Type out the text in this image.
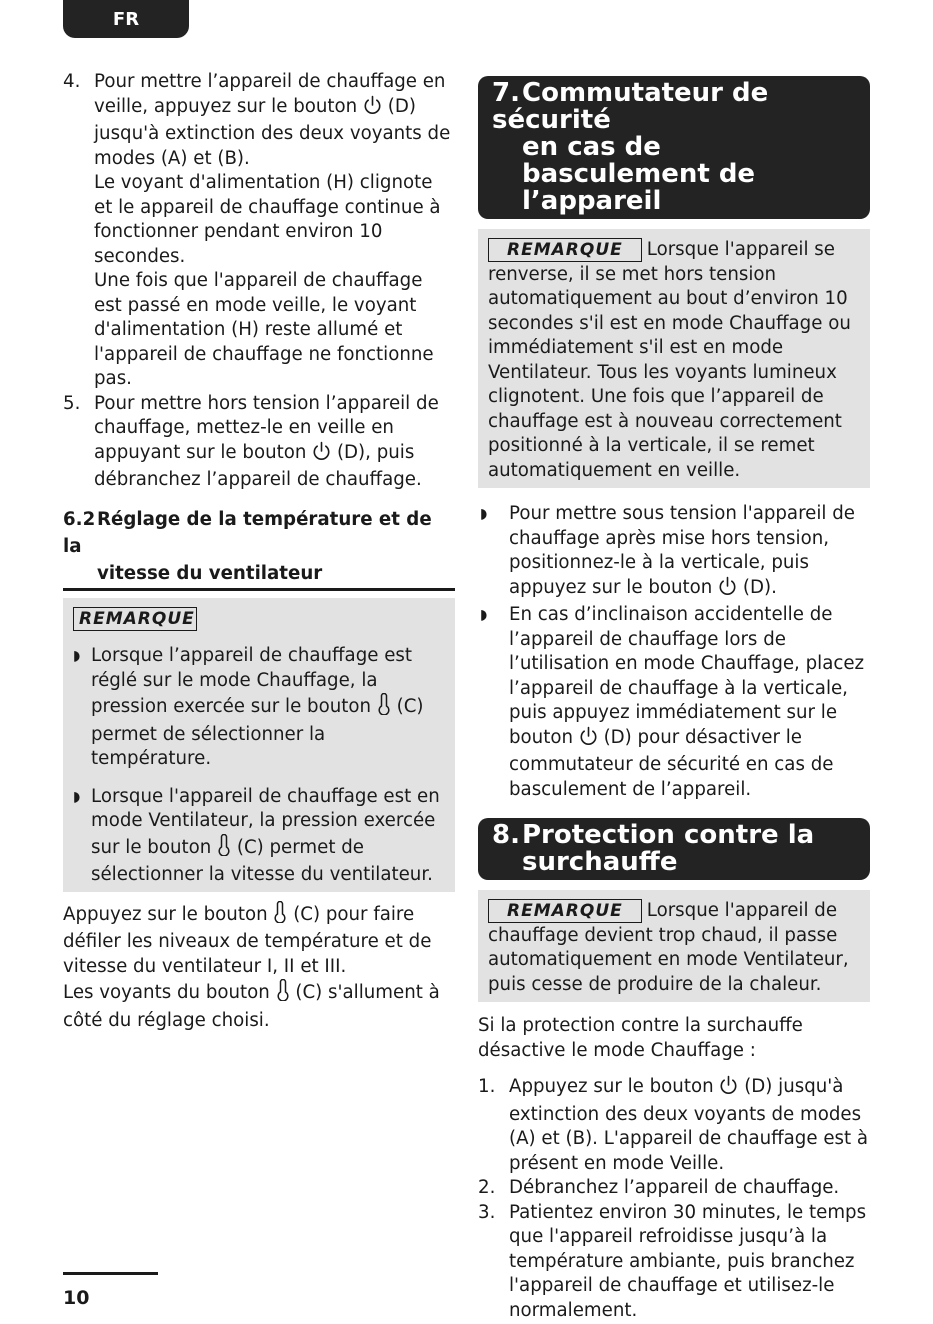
FR
4. Pour mettre l’appareil de chauffage en veille, appuyez sur le bouton  (D) jusqu'à extinction des deux voyants de modes (A) et (B).

Le voyant d'alimentation (H) clignote et le appareil de chauffage continue à fonctionner pendant environ 10 secondes.

Une fois que l'appareil de chauffage est passé en mode veille, le voyant d'alimentation (H) reste allumé et l'appareil de chauffage ne fonctionne pas.

5. Pour mettre hors tension l’appareil de chauffage, mettez-le en veille en appuyant sur le bouton  (D), puis débranchez l’appareil de chauffage.

6.2Réglage de la température et de la
vitesse du ventilateur
REMARQUE
◗ Lorsque l’appareil de chauffage est réglé sur le mode Chauffage, la pression exercée sur le bouton  (C) permet de sélectionner la température.
◗ Lorsque l'appareil de chauffage est en mode Ventilateur, la pression exercée sur le bouton  (C) permet de sélectionner la vitesse du ventilateur.

Appuyez sur le bouton  (C) pour faire défiler les niveaux de température et de vitesse du ventilateur I, II et III.

Les voyants du bouton  (C) s'allument à côté du réglage choisi.

7.Commutateur de sécurité
en cas de basculement de
l’appareil
REMARQUE Lorsque l'appareil se renverse, il se met hors tension automatiquement au bout d’environ 10 secondes s'il est en mode Chauffage ou immédiatement s'il est en mode Ventilateur. Tous les voyants lumineux clignotent. Une fois que l’appareil de chauffage est à nouveau correctement positionné à la verticale, il se remet automatiquement en veille.
◗ Pour mettre sous tension l'appareil de chauffage après mise hors tension, positionnez-le à la verticale, puis appuyez sur le bouton  (D).
◗ En cas d’inclinaison accidentelle de l’appareil de chauffage lors de l’utilisation en mode Chauffage, placez l’appareil de chauffage à la verticale, puis appuyez immédiatement sur le bouton  (D) pour désactiver le commutateur de sécurité en cas de basculement de l’appareil.
8.Protection contre la
surchauffe
REMARQUE Lorsque l'appareil de chauffage devient trop chaud, il passe automatiquement en mode Ventilateur, puis cesse de produire de la chaleur.

Si la protection contre la surchauffe désactive le mode Chauffage :

1. Appuyez sur le bouton  (D) jusqu'à extinction des deux voyants de modes (A) et (B). L'appareil de chauffage est à présent en mode Veille.
2. Débranchez l’appareil de chauffage.
3. Patientez environ 30 minutes, le temps que l'appareil refroidisse jusqu’à la température ambiante, puis branchez l'appareil de chauffage et utilisez-le normalement.
10
